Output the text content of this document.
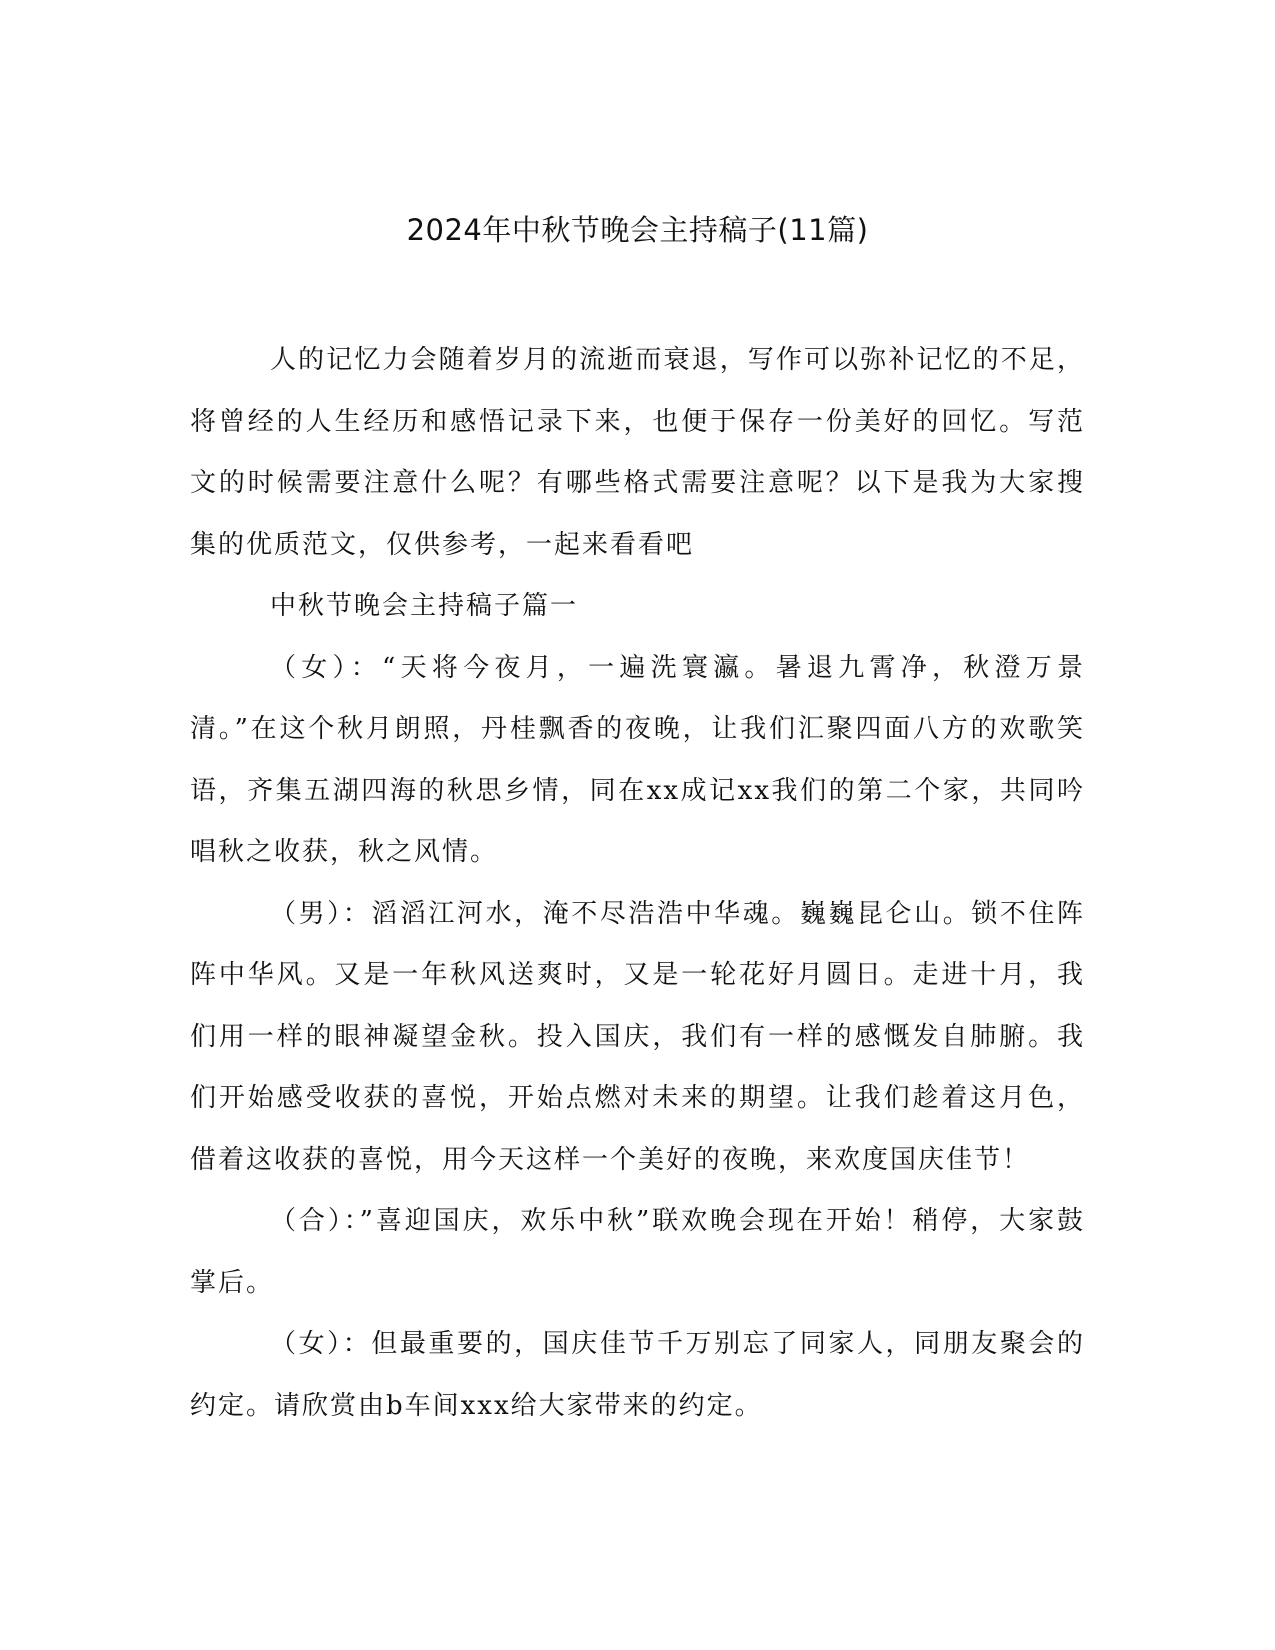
2024年中秋节晚会主持稿子(11篇)

人的记忆力会随着岁月的流逝而衰退，写作可以弥补记忆的不足，将曾经的人生经历和感悟记录下来，也便于保存一份美好的回忆。写范文的时候需要注意什么呢？有哪些格式需要注意呢？以下是我为大家搜集的优质范文，仅供参考，一起来看看吧

中秋节晚会主持稿子篇一

（女）：“天将今夜月，一遍洗寰瀛。暑退九霄净，秋澄万景清。”在这个秋月朗照，丹桂飘香的夜晚，让我们汇聚四面八方的欢歌笑语，齐集五湖四海的秋思乡情，同在xx成记xx我们的第二个家，共同吟唱秋之收获，秋之风情。

（男）：滔滔江河水，淹不尽浩浩中华魂。巍巍昆仑山。锁不住阵阵中华风。又是一年秋风送爽时，又是一轮花好月圆日。走进十月，我们用一样的眼神凝望金秋。投入国庆，我们有一样的感慨发自肺腑。我们开始感受收获的喜悦，开始点燃对未来的期望。让我们趁着这月色，借着这收获的喜悦，用今天这样一个美好的夜晚，来欢度国庆佳节！

（合）：”喜迎国庆，欢乐中秋”联欢晚会现在开始！稍停，大家鼓掌后。

（女）：但最重要的，国庆佳节千万别忘了同家人，同朋友聚会的约定。请欣赏由b车间xxx给大家带来的约定。
